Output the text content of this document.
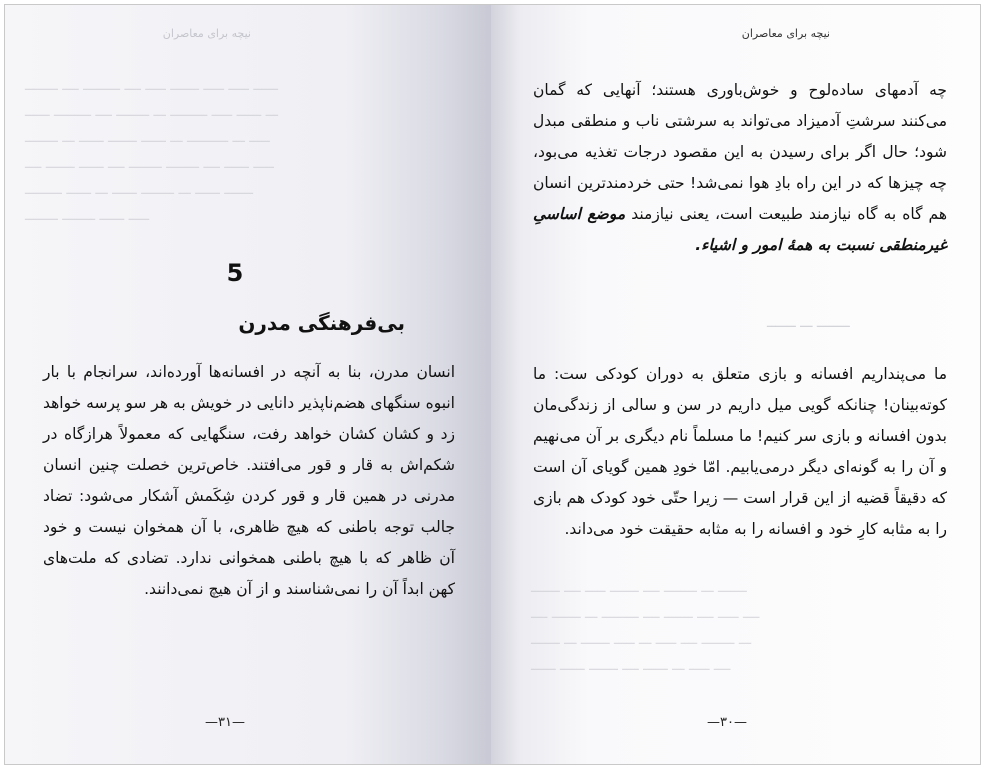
نیچه برای معاصران
ــــــــ ــــ ـــــــــ ــــ ـــــ ـــــــ ـــــ ـــــ ــــــ
ــــــ ـــــــــ ــــ ــــــــ ـــ ـــــــــ ـــــ ــــــ ـــ
ــــــــ ـــ ــــــ ـــــــ ــــــ ـــ ــــــــــ ـــ ـــــ
ــــ ـــــــ ــــــ ــــ ــــــــ ــــــــ ــــ ــــــ ـــــ
ـــــــــ ــــــ ـــ ــــــ ــــــــ ـــ ــــــ ـــــــ
ــــــــ ــــــــ ــــــ ـــــ
5
بی‌فرهنگی مدرن

انسان مدرن، بنا به آنچه در افسانه‌ها آورده‌اند، سرانجام با بار انبوه سنگهای هضم‌ناپذیر دانایی در خویش به هر سو پرسه خواهد زد و کشان کشان خواهد رفت، سنگهایی که معمولاً هرازگاه در شکم‌اش به قار و قور می‌افتند. خاص‌ترین خصلت چنین انسان مدرنی در همین قار و قور کردن شِکَمش آشکار می‌شود: تضاد جالب توجه باطنی که هیچ ظاهری، با آن همخوان نیست و خود آن ظاهر که با هیچ باطنی همخوانی ندارد. تضادی که ملت‌های کهن ابداً آن را نمی‌شناسند و از آن هیچ نمی‌دانند.

—۳۱—
نیچه برای معاصران

چه آدمهای ساده‌لوح و خوش‌باوری هستند؛ آنهایی که گمان می‌کنند سرشتِ آدمیزاد می‌تواند به سرشتی ناب و منطقی مبدل شود؛ حال اگر برای رسیدن به این مقصود درجات تغذیه می‌بود، چه چیزها که در این راه بادِ هوا نمی‌شد! حتی خردمندترین انسان هم گاه به گاه نیازمند طبیعت است، یعنی نیازمند موضع اساسیِ غیرمنطقی نسبت به همهٔ امور و اشیاء.

ـــــــ ـــ ــــــــ

ما می‌پنداریم افسانه و بازی متعلق به دوران کودکی ست: ما کوته‌بینان! چنانکه گویی میل داریم در سن و سالی از زندگی‌مان بدون افسانه و بازی سر کنیم! ما مسلماً نام دیگری بر آن می‌نهیم و آن را به گونه‌ای دیگر درمی‌یابیم. امّا خودِ همین گویای آن است که دقیقاً قضیه از این قرار است — زیرا حتّی خود کودک هم بازی را به مثابه کارِ خود و افسانه را به مثابه حقیقت خود می‌داند.

ـــــــ ــــ ـــــ ـــــــ ــــ ــــــــ ـــ ـــــــ
ــــ ـــــــ ـــ ـــــــــ ــــ ـــــــ ــــ ـــــ ــــ
ـــــــ ـــ ـــــــ ـــــ ـــ ـــــ ــــ ــــــــ ـــ
ــــــ ــــــ ـــــــ ــــ ــــــ ـــ ـــــ ــــ
—۳۰—
